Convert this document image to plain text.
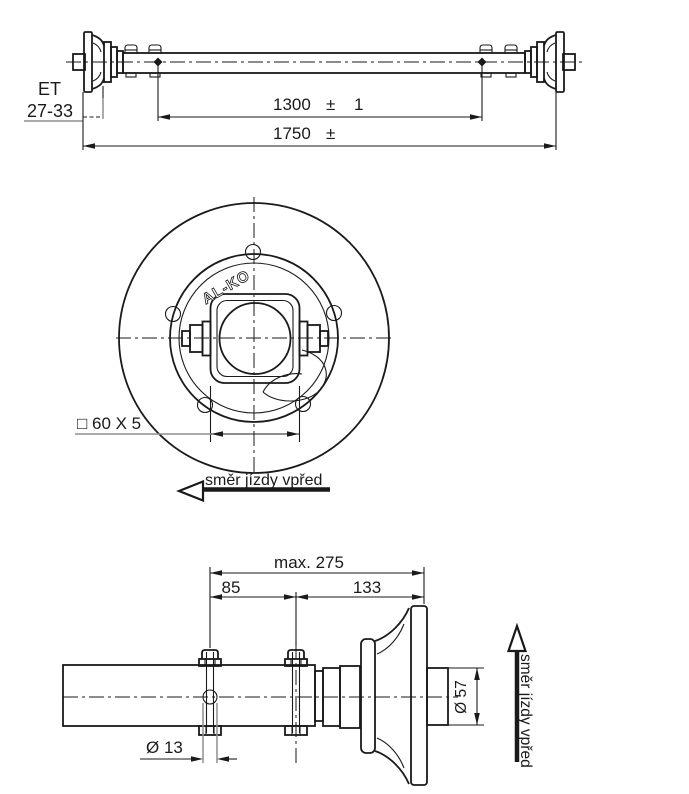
ET
27-33	1300 ± 1
1750 ±
AL-KO
□ 60 X 5
směr jízdy vpřed
max. 275
85	133
Ø 13
Ø 57	směr jízdy vpřed
